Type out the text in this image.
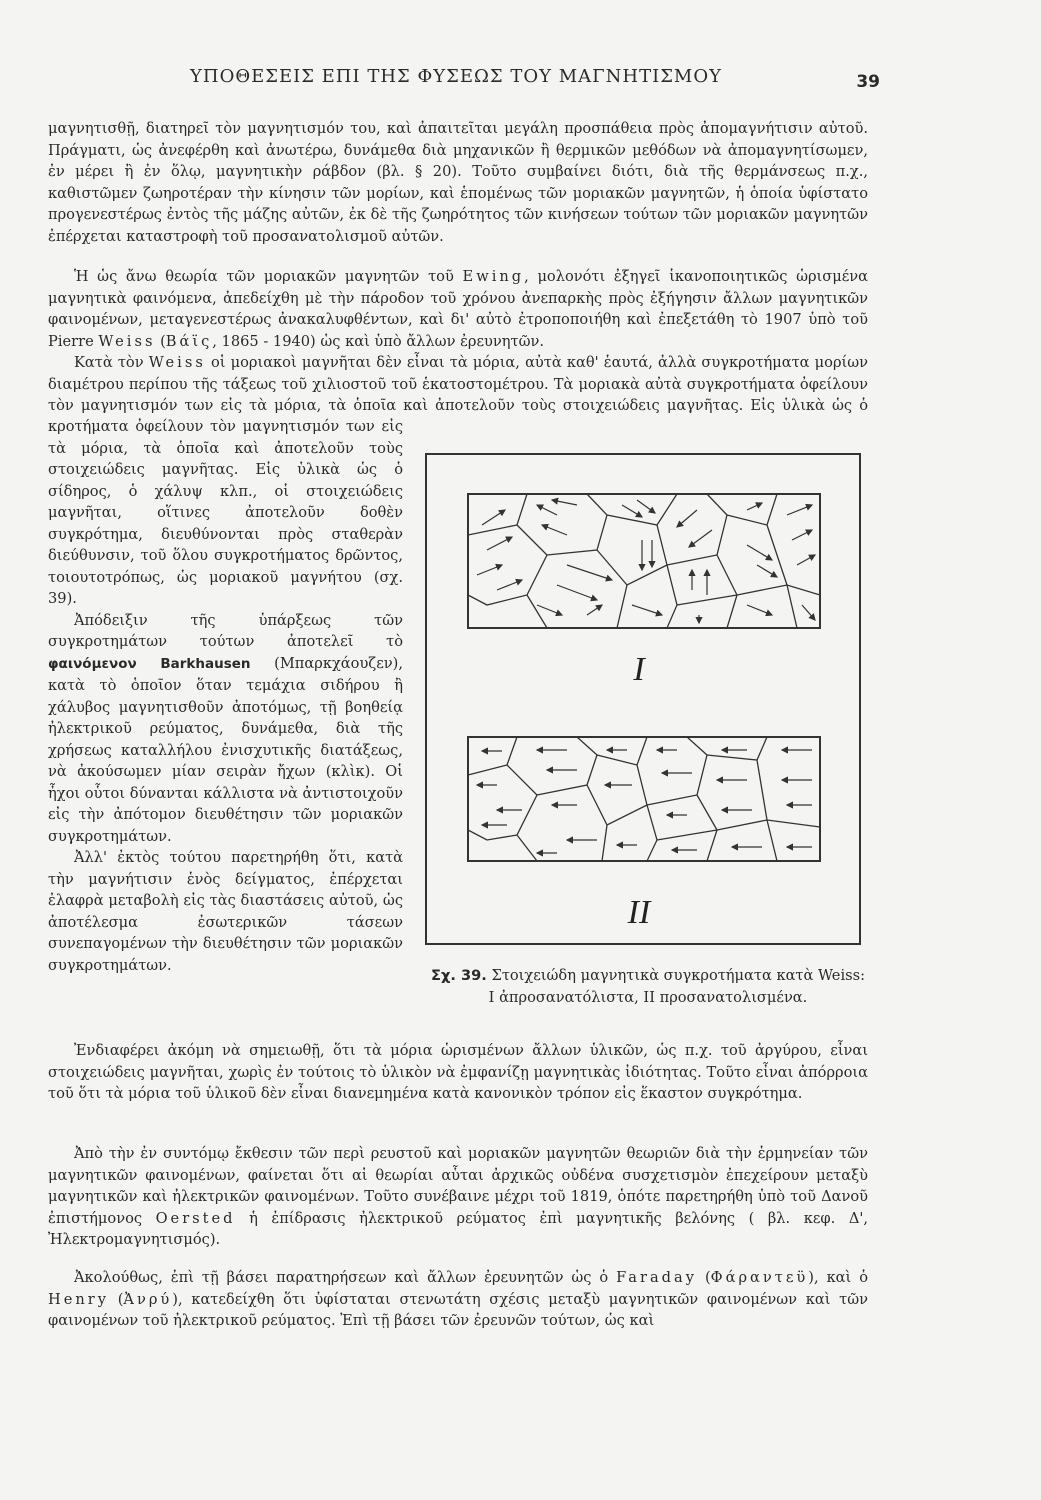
ΥΠΟΘΕΣΕΙΣ ΕΠΙ ΤΗΣ ΦΥΣΕΩΣ ΤΟΥ ΜΑΓΝΗΤΙΣΜΟΥ	39

μαγνητισθῇ, διατηρεῖ τὸν μαγνητισμόν του, καὶ ἀπαιτεῖται μεγάλη προσπάθεια πρὸς ἀπομαγνήτισιν αὐτοῦ. Πράγματι, ὡς ἀνεφέρθη καὶ ἀνωτέρω, δυνάμεθα διὰ μηχανικῶν ἢ θερμικῶν μεθόδων νὰ ἀπομαγνητίσωμεν, ἐν μέρει ἢ ἐν ὅλῳ, μαγνητικὴν ράβδον (βλ. § 20). Τοῦτο συμβαίνει διότι, διὰ τῆς θερμάνσεως π.χ., καθιστῶμεν ζωηροτέραν τὴν κίνησιν τῶν μορίων, καὶ ἑπομένως τῶν μοριακῶν μαγνητῶν, ἡ ὁποία ὑφίστατο προγενεστέρως ἐντὸς τῆς μάζης αὐτῶν, ἐκ δὲ τῆς ζωηρότητος τῶν κινήσεων τούτων τῶν μοριακῶν μαγνητῶν ἐπέρχεται καταστροφὴ τοῦ προσανατολισμοῦ αὐτῶν.

Ἡ ὡς ἄνω θεωρία τῶν μοριακῶν μαγνητῶν τοῦ Ewing, μολονότι ἐξηγεῖ ἱκανοποιητικῶς ὡρισμένα μαγνητικὰ φαινόμενα, ἀπεδείχθη μὲ τὴν πάροδον τοῦ χρόνου ἀνεπαρκὴς πρὸς ἐξήγησιν ἄλλων μαγνητικῶν φαινομένων, μεταγενεστέρως ἀνακαλυφθέντων, καὶ δι' αὐτὸ ἐτροποποιήθη καὶ ἐπεξετάθη τὸ 1907 ὑπὸ τοῦ Pierre Weiss (Βάϊς, 1865 - 1940) ὡς καὶ ὑπὸ ἄλλων ἐρευνητῶν.

Κατὰ τὸν Weiss οἱ μοριακοὶ μαγνῆται δὲν εἶναι τὰ μόρια, αὐτὰ καθ' ἑαυτά, ἀλλὰ συγκροτήματα μορίων διαμέτρου περίπου τῆς τάξεως τοῦ χιλιοστοῦ τοῦ ἑκατοστομέτρου. Τὰ μοριακὰ αὐτὰ συγκροτήματα ὀφείλουν τὸν μαγνητισμόν των εἰς τὰ μόρια, τὰ ὁποῖα καὶ ἀποτελοῦν τοὺς στοιχειώδεις μαγνῆτας. Εἰς ὑλικὰ ὡς ὁ

κροτήματα ὀφείλουν τὸν μαγνητισμόν των εἰς τὰ μόρια, τὰ ὁποῖα καὶ ἀποτελοῦν τοὺς στοιχειώδεις μαγνῆτας. Εἰς ὑλικὰ ὡς ὁ σίδηρος, ὁ χάλυψ κλπ., οἱ στοιχειώδεις μαγνῆται, οἵτινες ἀποτελοῦν δοθὲν συγκρότημα, διευθύνονται πρὸς σταθερὰν διεύθυνσιν, τοῦ ὅλου συγκροτήματος δρῶντος, τοιουτοτρόπως, ὡς μοριακοῦ μαγνήτου (σχ. 39).

Ἀπόδειξιν τῆς ὑπάρξεως τῶν συγκροτημάτων τούτων ἀποτελεῖ τὸ φαινόμενον Barkhausen (Μπαρκχάουζεν), κατὰ τὸ ὁποῖον ὅταν τεμάχια σιδήρου ἢ χάλυβος μαγνητισθοῦν ἀποτόμως, τῇ βοηθείᾳ ἠλεκτρικοῦ ρεύματος, δυνάμεθα, διὰ τῆς χρήσεως καταλλήλου ἐνισχυτικῆς διατάξεως, νὰ ἀκούσωμεν μίαν σειρὰν ἤχων (κλὶκ). Οἱ ἦχοι οὗτοι δύνανται κάλλιστα νὰ ἀντιστοιχοῦν εἰς τὴν ἀπότομον διευθέτησιν τῶν μοριακῶν συγκροτημάτων.

Ἀλλ' ἐκτὸς τούτου παρετηρήθη ὅτι, κατὰ τὴν μαγνήτισιν ἑνὸς δείγματος, ἐπέρχεται ἐλαφρὰ μεταβολὴ εἰς τὰς διαστάσεις αὐτοῦ, ὡς ἀποτέλεσμα ἐσωτερικῶν τάσεων συνεπαγομένων τὴν διευθέτησιν τῶν μοριακῶν συγκροτημάτων.

I
II
Σχ. 39. Στοιχειώδη μαγνητικὰ συγκροτήματα κατὰ Weiss: I ἀπροσανατόλιστα, II προσανατολισμένα.

Ἐνδιαφέρει ἀκόμη νὰ σημειωθῇ, ὅτι τὰ μόρια ὡρισμένων ἄλλων ὑλικῶν, ὡς π.χ. τοῦ ἀργύρου, εἶναι στοιχειώδεις μαγνῆται, χωρὶς ἐν τούτοις τὸ ὑλικὸν νὰ ἐμφανίζῃ μαγνητικὰς ἰδιότητας. Τοῦτο εἶναι ἀπόρροια τοῦ ὅτι τὰ μόρια τοῦ ὑλικοῦ δὲν εἶναι διανεμημένα κατὰ κανονικὸν τρόπον εἰς ἕκαστον συγκρότημα.

Ἀπὸ τὴν ἐν συντόμῳ ἔκθεσιν τῶν περὶ ρευστοῦ καὶ μοριακῶν μαγνητῶν θεωριῶν διὰ τὴν ἑρμηνείαν τῶν μαγνητικῶν φαινομένων, φαίνεται ὅτι αἱ θεωρίαι αὗται ἀρχικῶς οὐδένα συσχετισμὸν ἐπεχείρουν μεταξὺ μαγνητικῶν καὶ ἠλεκτρικῶν φαινομένων. Τοῦτο συνέβαινε μέχρι τοῦ 1819, ὁπότε παρετηρήθη ὑπὸ τοῦ Δανοῦ ἐπιστήμονος Oersted ἡ ἐπίδρασις ἠλεκτρικοῦ ρεύματος ἐπὶ μαγνητικῆς βελόνης ( βλ. κεφ. Δ', Ἠλεκτρομαγνητισμός).

Ἀκολούθως, ἐπὶ τῇ βάσει παρατηρήσεων καὶ ἄλλων ἐρευνητῶν ὡς ὁ Faraday (Φάραντεϋ), καὶ ὁ Henry (Ἀνρύ), κατεδείχθη ὅτι ὑφίσταται στενωτάτη σχέσις μεταξὺ μαγνητικῶν φαινομένων καὶ τῶν φαινομένων τοῦ ἠλεκτρικοῦ ρεύματος. Ἐπὶ τῇ βάσει τῶν ἐρευνῶν τούτων, ὡς καὶ
